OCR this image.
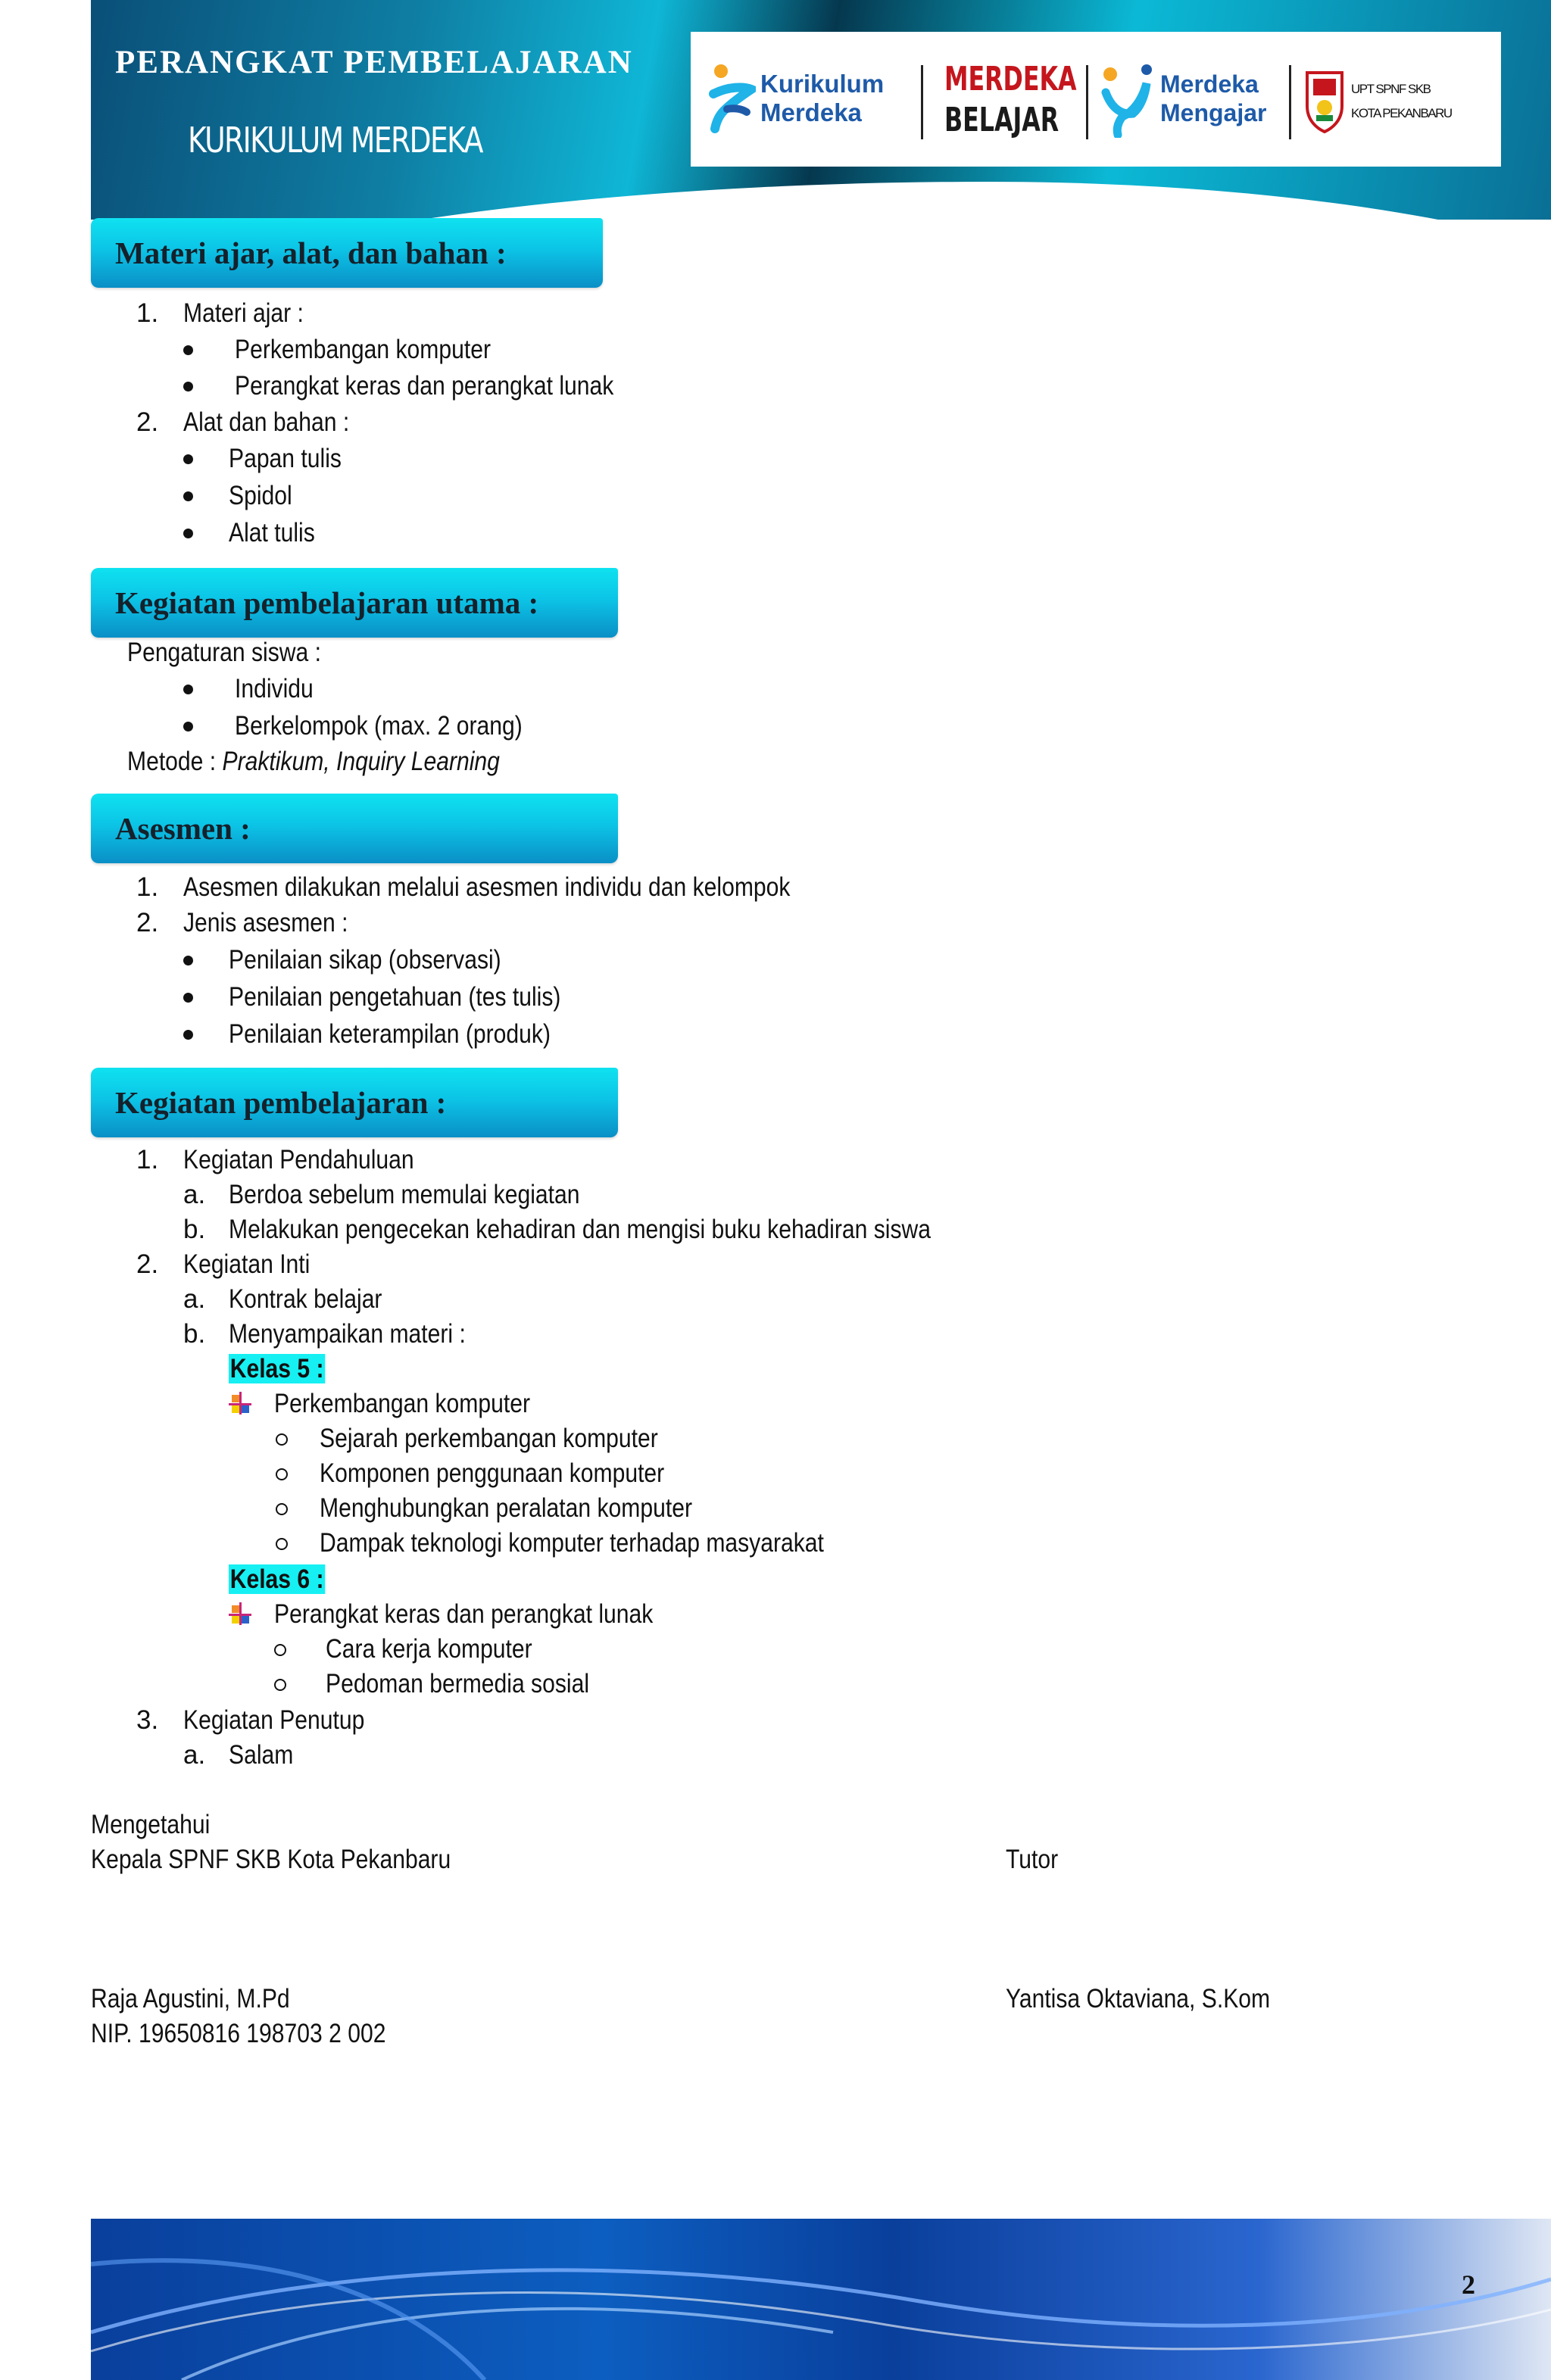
PERANGKAT PEMBELAJARAN
KURIKULUM MERDEKA
Kurikulum
Merdeka
MERDEKA
BELAJAR
Merdeka
Mengajar
UPT SPNF SKB
KOTA PEKANBARU
Materi ajar, alat, dan bahan :
1. Materi ajar :
Perkembangan komputer
Perangkat keras dan perangkat lunak
2. Alat dan bahan :
Papan tulis
Spidol
Alat tulis
Kegiatan pembelajaran utama :
Pengaturan siswa :
Individu
Berkelompok (max. 2 orang)
Metode : Praktikum, Inquiry Learning
Asesmen :
1. Asesmen dilakukan melalui asesmen individu dan kelompok
2. Jenis asesmen :
Penilaian sikap (observasi)
Penilaian pengetahuan (tes tulis)
Penilaian keterampilan (produk)
Kegiatan pembelajaran :
1. Kegiatan Pendahuluan
a. Berdoa sebelum memulai kegiatan
b. Melakukan pengecekan kehadiran dan mengisi buku kehadiran siswa
2. Kegiatan Inti
a. Kontrak belajar
b. Menyampaikan materi :
Kelas 5 :
Perkembangan komputer
Sejarah perkembangan komputer
Komponen penggunaan komputer
Menghubungkan peralatan komputer
Dampak teknologi komputer terhadap masyarakat
Kelas 6 :
Perangkat keras dan perangkat lunak
Cara kerja komputer
Pedoman bermedia sosial
3. Kegiatan Penutup
a. Salam
Mengetahui
Kepala SPNF SKB Kota Pekanbaru	Tutor
Raja Agustini, M.Pd	Yantisa Oktaviana, S.Kom
NIP. 19650816 198703 2 002
2
